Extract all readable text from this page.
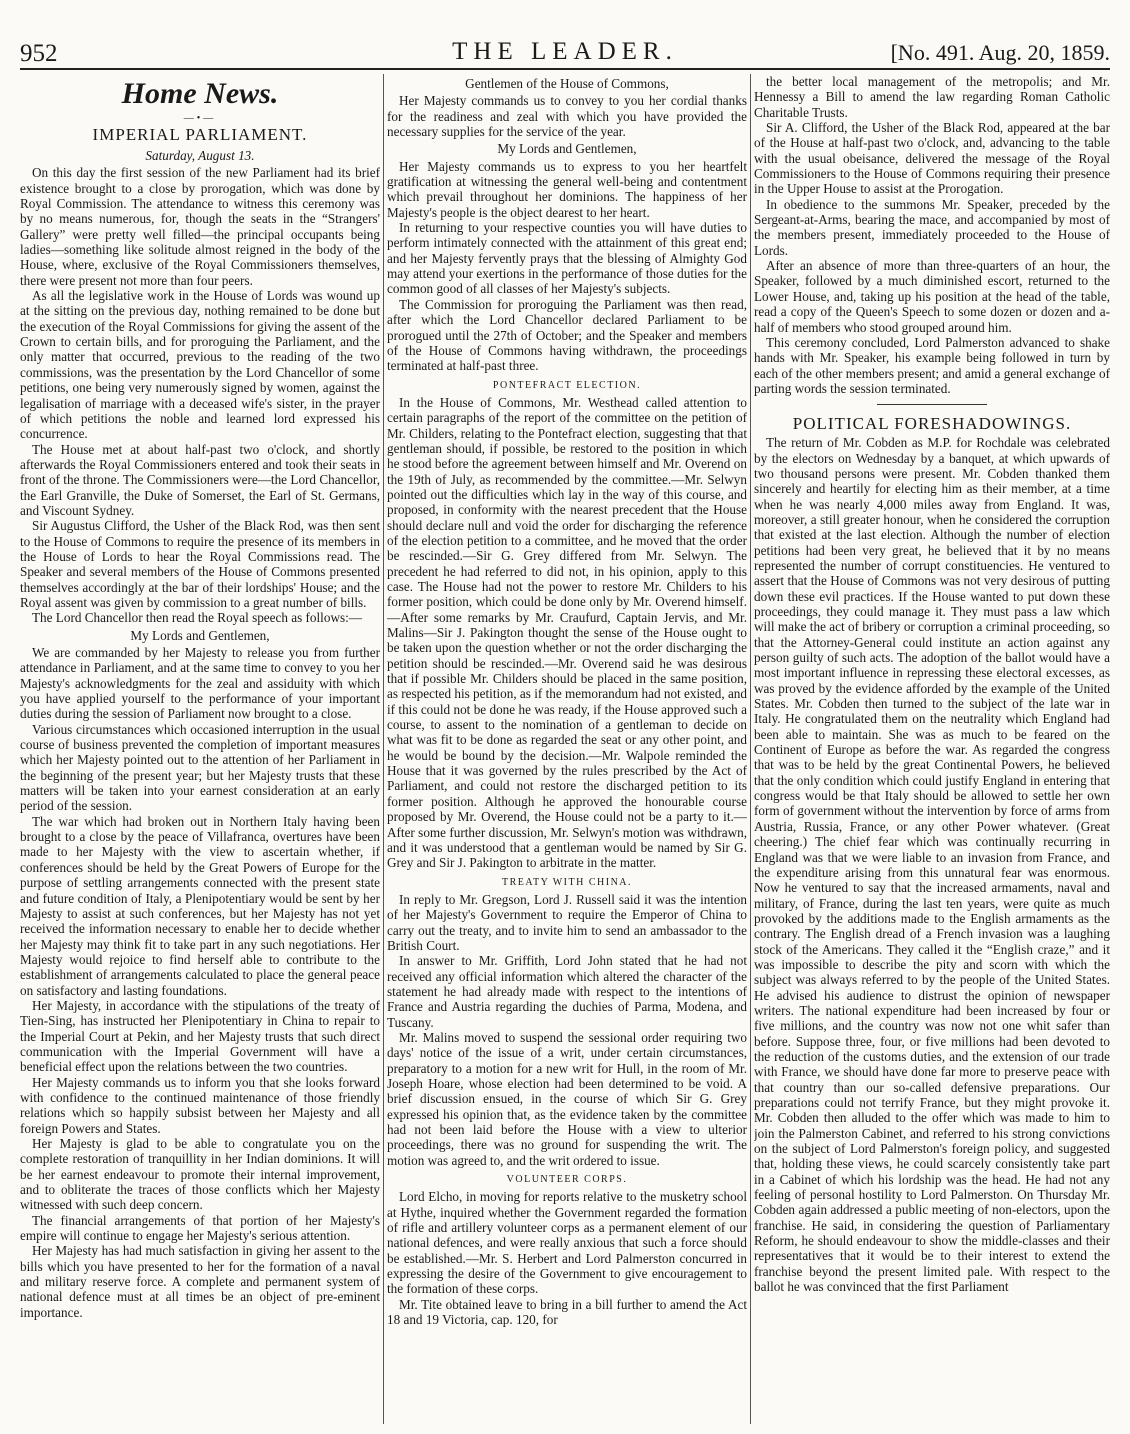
952	THE LEADER.	[No. 491. Aug. 20, 1859.
Home News.
—•—
IMPERIAL PARLIAMENT.

Saturday, August 13.

On this day the first session of the new Parliament had its brief existence brought to a close by prorogation, which was done by Royal Commission. The attendance to witness this ceremony was by no means numerous, for, though the seats in the “Strangers' Gallery” were pretty well filled—the principal occupants being ladies—something like solitude almost reigned in the body of the House, where, exclusive of the Royal Commissioners themselves, there were present not more than four peers.

As all the legislative work in the House of Lords was wound up at the sitting on the previous day, nothing remained to be done but the execution of the Royal Commissions for giving the assent of the Crown to certain bills, and for proroguing the Parliament, and the only matter that occurred, previous to the reading of the two commissions, was the presentation by the Lord Chancellor of some petitions, one being very numerously signed by women, against the legalisation of marriage with a deceased wife's sister, in the prayer of which petitions the noble and learned lord expressed his concurrence.

The House met at about half-past two o'clock, and shortly afterwards the Royal Commissioners entered and took their seats in front of the throne. The Commissioners were—the Lord Chancellor, the Earl Granville, the Duke of Somerset, the Earl of St. Germans, and Viscount Sydney.

Sir Augustus Clifford, the Usher of the Black Rod, was then sent to the House of Commons to require the presence of its members in the House of Lords to hear the Royal Commissions read. The Speaker and several members of the House of Commons presented themselves accordingly at the bar of their lordships' House; and the Royal assent was given by commission to a great number of bills.

The Lord Chancellor then read the Royal speech as follows:—

My Lords and Gentlemen,

We are commanded by her Majesty to release you from further attendance in Parliament, and at the same time to convey to you her Majesty's acknowledgments for the zeal and assiduity with which you have applied yourself to the performance of your important duties during the session of Parliament now brought to a close.

Various circumstances which occasioned interruption in the usual course of business prevented the completion of important measures which her Majesty pointed out to the attention of her Parliament in the beginning of the present year; but her Majesty trusts that these matters will be taken into your earnest consideration at an early period of the session.

The war which had broken out in Northern Italy having been brought to a close by the peace of Villafranca, overtures have been made to her Majesty with the view to ascertain whether, if conferences should be held by the Great Powers of Europe for the purpose of settling arrangements connected with the present state and future condition of Italy, a Plenipotentiary would be sent by her Majesty to assist at such conferences, but her Majesty has not yet received the information necessary to enable her to decide whether her Majesty may think fit to take part in any such negotiations. Her Majesty would rejoice to find herself able to contribute to the establishment of arrangements calculated to place the general peace on satisfactory and lasting foundations.

Her Majesty, in accordance with the stipulations of the treaty of Tien-Sing, has instructed her Plenipotentiary in China to repair to the Imperial Court at Pekin, and her Majesty trusts that such direct communication with the Imperial Government will have a beneficial effect upon the relations between the two countries.

Her Majesty commands us to inform you that she looks forward with confidence to the continued maintenance of those friendly relations which so happily subsist between her Majesty and all foreign Powers and States.

Her Majesty is glad to be able to congratulate you on the complete restoration of tranquillity in her Indian dominions. It will be her earnest endeavour to promote their internal improvement, and to obliterate the traces of those conflicts which her Majesty witnessed with such deep concern.

The financial arrangements of that portion of her Majesty's empire will continue to engage her Majesty's serious attention.

Her Majesty has had much satisfaction in giving her assent to the bills which you have presented to her for the formation of a naval and military reserve force. A complete and permanent system of national defence must at all times be an object of pre-eminent importance.

Gentlemen of the House of Commons,

Her Majesty commands us to convey to you her cordial thanks for the readiness and zeal with which you have provided the necessary supplies for the service of the year.

My Lords and Gentlemen,

Her Majesty commands us to express to you her heartfelt gratification at witnessing the general well-being and contentment which prevail throughout her dominions. The happiness of her Majesty's people is the object dearest to her heart.

In returning to your respective counties you will have duties to perform intimately connected with the attainment of this great end; and her Majesty fervently prays that the blessing of Almighty God may attend your exertions in the performance of those duties for the common good of all classes of her Majesty's subjects.

The Commission for proroguing the Parliament was then read, after which the Lord Chancellor declared Parliament to be prorogued until the 27th of October; and the Speaker and members of the House of Commons having withdrawn, the proceedings terminated at half-past three.

PONTEFRACT ELECTION.

In the House of Commons, Mr. Westhead called attention to certain paragraphs of the report of the committee on the petition of Mr. Childers, relating to the Pontefract election, suggesting that that gentleman should, if possible, be restored to the position in which he stood before the agreement between himself and Mr. Overend on the 19th of July, as recommended by the committee.—Mr. Selwyn pointed out the difficulties which lay in the way of this course, and proposed, in conformity with the nearest precedent that the House should declare null and void the order for discharging the reference of the election petition to a committee, and he moved that the order be rescinded.—Sir G. Grey differed from Mr. Selwyn. The precedent he had referred to did not, in his opinion, apply to this case. The House had not the power to restore Mr. Childers to his former position, which could be done only by Mr. Overend himself.—After some remarks by Mr. Craufurd, Captain Jervis, and Mr. Malins—Sir J. Pakington thought the sense of the House ought to be taken upon the question whether or not the order discharging the petition should be rescinded.—Mr. Overend said he was desirous that if possible Mr. Childers should be placed in the same position, as respected his petition, as if the memorandum had not existed, and if this could not be done he was ready, if the House approved such a course, to assent to the nomination of a gentleman to decide on what was fit to be done as regarded the seat or any other point, and he would be bound by the decision.—Mr. Walpole reminded the House that it was governed by the rules prescribed by the Act of Parliament, and could not restore the discharged petition to its former position. Although he approved the honourable course proposed by Mr. Overend, the House could not be a party to it.—After some further discussion, Mr. Selwyn's motion was withdrawn, and it was understood that a gentleman would be named by Sir G. Grey and Sir J. Pakington to arbitrate in the matter.

TREATY WITH CHINA.

In reply to Mr. Gregson, Lord J. Russell said it was the intention of her Majesty's Government to require the Emperor of China to carry out the treaty, and to invite him to send an ambassador to the British Court.

In answer to Mr. Griffith, Lord John stated that he had not received any official information which altered the character of the statement he had already made with respect to the intentions of France and Austria regarding the duchies of Parma, Modena, and Tuscany.

Mr. Malins moved to suspend the sessional order requiring two days' notice of the issue of a writ, under certain circumstances, preparatory to a motion for a new writ for Hull, in the room of Mr. Joseph Hoare, whose election had been determined to be void. A brief discussion ensued, in the course of which Sir G. Grey expressed his opinion that, as the evidence taken by the committee had not been laid before the House with a view to ulterior proceedings, there was no ground for suspending the writ. The motion was agreed to, and the writ ordered to issue.

VOLUNTEER CORPS.

Lord Elcho, in moving for reports relative to the musketry school at Hythe, inquired whether the Government regarded the formation of rifle and artillery volunteer corps as a permanent element of our national defences, and were really anxious that such a force should be established.—Mr. S. Herbert and Lord Palmerston concurred in expressing the desire of the Government to give encouragement to the formation of these corps.

Mr. Tite obtained leave to bring in a bill further to amend the Act 18 and 19 Victoria, cap. 120, for

the better local management of the metropolis; and Mr. Hennessy a Bill to amend the law regarding Roman Catholic Charitable Trusts.

Sir A. Clifford, the Usher of the Black Rod, appeared at the bar of the House at half-past two o'clock, and, advancing to the table with the usual obeisance, delivered the message of the Royal Commissioners to the House of Commons requiring their presence in the Upper House to assist at the Prorogation.

In obedience to the summons Mr. Speaker, preceded by the Sergeant-at-Arms, bearing the mace, and accompanied by most of the members present, immediately proceeded to the House of Lords.

After an absence of more than three-quarters of an hour, the Speaker, followed by a much diminished escort, returned to the Lower House, and, taking up his position at the head of the table, read a copy of the Queen's Speech to some dozen or dozen and a-half of members who stood grouped around him.

This ceremony concluded, Lord Palmerston advanced to shake hands with Mr. Speaker, his example being followed in turn by each of the other members present; and amid a general exchange of parting words the session terminated.

POLITICAL FORESHADOWINGS.

The return of Mr. Cobden as M.P. for Rochdale was celebrated by the electors on Wednesday by a banquet, at which upwards of two thousand persons were present. Mr. Cobden thanked them sincerely and heartily for electing him as their member, at a time when he was nearly 4,000 miles away from England. It was, moreover, a still greater honour, when he considered the corruption that existed at the last election. Although the number of election petitions had been very great, he believed that it by no means represented the number of corrupt constituencies. He ventured to assert that the House of Commons was not very desirous of putting down these evil practices. If the House wanted to put down these proceedings, they could manage it. They must pass a law which will make the act of bribery or corruption a criminal proceeding, so that the Attorney-General could institute an action against any person guilty of such acts. The adoption of the ballot would have a most important influence in repressing these electoral excesses, as was proved by the evidence afforded by the example of the United States. Mr. Cobden then turned to the subject of the late war in Italy. He congratulated them on the neutrality which England had been able to maintain. She was as much to be feared on the Continent of Europe as before the war. As regarded the congress that was to be held by the great Continental Powers, he believed that the only condition which could justify England in entering that congress would be that Italy should be allowed to settle her own form of government without the intervention by force of arms from Austria, Russia, France, or any other Power whatever. (Great cheering.) The chief fear which was continually recurring in England was that we were liable to an invasion from France, and the expenditure arising from this unnatural fear was enormous. Now he ventured to say that the increased armaments, naval and military, of France, during the last ten years, were quite as much provoked by the additions made to the English armaments as the contrary. The English dread of a French invasion was a laughing stock of the Americans. They called it the “English craze,” and it was impossible to describe the pity and scorn with which the subject was always referred to by the people of the United States. He advised his audience to distrust the opinion of newspaper writers. The national expenditure had been increased by four or five millions, and the country was now not one whit safer than before. Suppose three, four, or five millions had been devoted to the reduction of the customs duties, and the extension of our trade with France, we should have done far more to preserve peace with that country than our so-called defensive preparations. Our preparations could not terrify France, but they might provoke it. Mr. Cobden then alluded to the offer which was made to him to join the Palmerston Cabinet, and referred to his strong convictions on the subject of Lord Palmerston's foreign policy, and suggested that, holding these views, he could scarcely consistently take part in a Cabinet of which his lordship was the head. He had not any feeling of personal hostility to Lord Palmerston. On Thursday Mr. Cobden again addressed a public meeting of non-electors, upon the franchise. He said, in considering the question of Parliamentary Reform, he should endeavour to show the middle-classes and their representatives that it would be to their interest to extend the franchise beyond the present limited pale. With respect to the ballot he was convinced that the first Parliament
